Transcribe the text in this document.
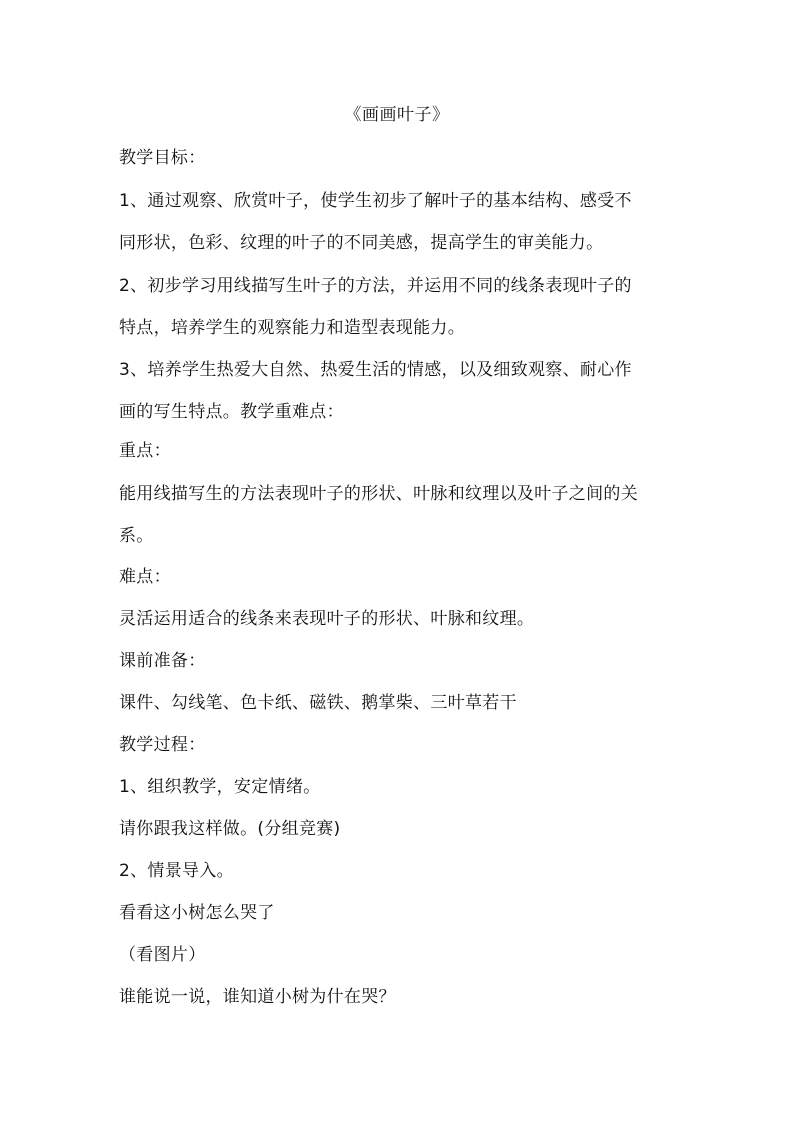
《画画叶子》
教学目标：
1、通过观察、欣赏叶子，使学生初步了解叶子的基本结构、感受不
同形状，色彩、纹理的叶子的不同美感，提高学生的审美能力。
2、初步学习用线描写生叶子的方法，并运用不同的线条表现叶子的
特点，培养学生的观察能力和造型表现能力。
3、培养学生热爱大自然、热爱生活的情感，以及细致观察、耐心作
画的写生特点。教学重难点：
重点：
能用线描写生的方法表现叶子的形状、叶脉和纹理以及叶子之间的关
系。
难点：
灵活运用适合的线条来表现叶子的形状、叶脉和纹理。
课前准备：
课件、勾线笔、色卡纸、磁铁、鹅掌柴、三叶草若干
教学过程：
1、组织教学，安定情绪。
请你跟我这样做。(分组竞赛)
2、情景导入。
看看这小树怎么哭了
（看图片）
谁能说一说，谁知道小树为什在哭？
